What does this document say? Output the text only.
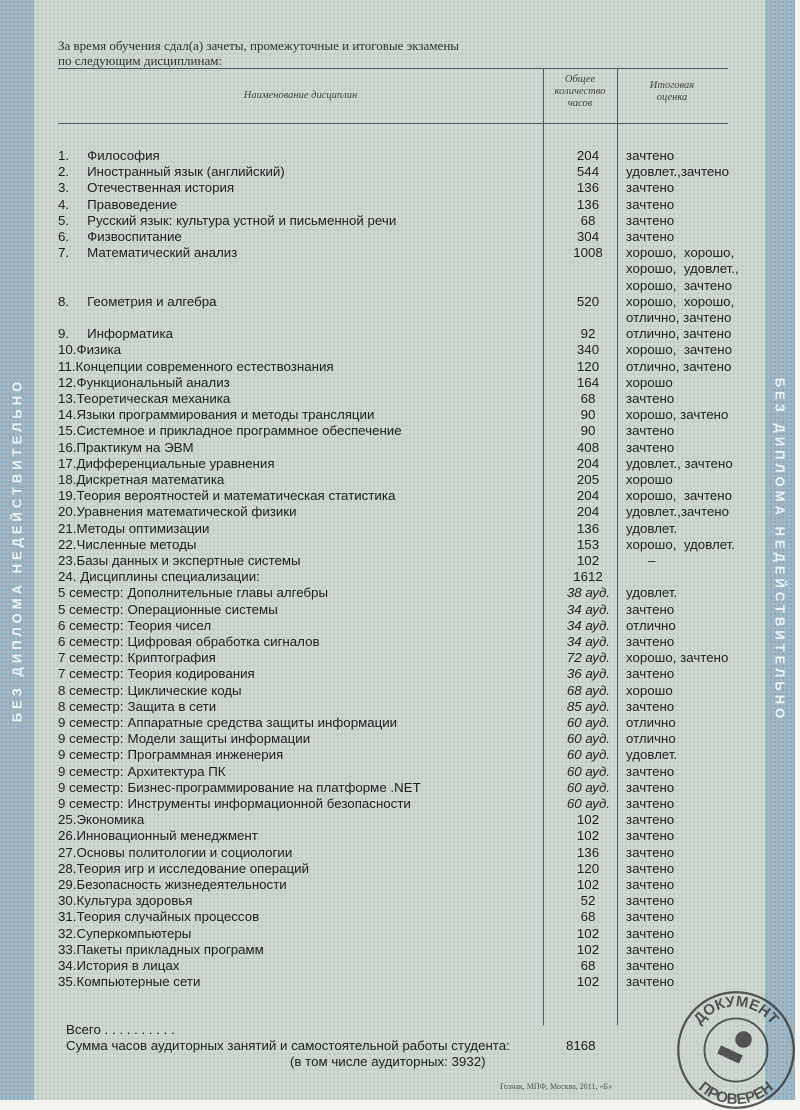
БЕЗ ДИПЛОМА НЕДЕЙСТВИТЕЛЬНО	БЕЗ ДИПЛОМА НЕДЕЙСТВИТЕЛЬНО
За время обучения сдал(а) зачеты, промежуточные и итоговые экзамены
по следующим дисциплинам:
Наименование дисциплин
Общее
количество
часов
Итоговая
оценка
1. Философия	204	зачтено
2. Иностранный язык (английский)	544	удовлет.,зачтено
3. Отечественная история	136	зачтено
4. Правоведение	136	зачтено
5. Русский язык: культура устной и письменной речи	68	зачтено
6. Физвоспитание	304	зачтено
7. Математический анализ	1008	хорошо,  хорошо,
хорошо,  удовлет.,
хорошо,  зачтено
8. Геометрия и алгебра	520	хорошо,  хорошо,
отлично, зачтено
9. Информатика	92	отлично, зачтено
10.Физика	340	хорошо,  зачтено
11.Концепции современного естествознания	120	отлично, зачтено
12.Функциональный анализ	164	хорошо
13.Теоретическая механика	68	зачтено
14.Языки программирования и методы трансляции	90	хорошо, зачтено
15.Системное и прикладное программное обеспечение	90	зачтено
16.Практикум на ЭВМ	408	зачтено
17.Дифференциальные уравнения	204	удовлет., зачтено
18.Дискретная математика	205	хорошо
19.Теория вероятностей и математическая статистика	204	хорошо,  зачтено
20.Уравнения математической физики	204	удовлет.,зачтено
21.Методы оптимизации	136	удовлет.
22.Численные методы	153	хорошо,  удовлет.
23.Базы данных и экспертные системы	102	–
24. Дисциплины специализации:	1612
5 семестр: Дополнительные главы алгебры	38 ауд. удовлет.
5 семестр: Операционные системы	34 ауд. зачтено
6 семестр: Теория чисел	34 ауд. отлично
6 семестр: Цифровая обработка сигналов	34 ауд. зачтено
7 семестр: Криптография	72 ауд. хорошо, зачтено
7 семестр: Теория кодирования	36 ауд. зачтено
8 семестр: Циклические коды	68 ауд. хорошо
8 семестр: Защита в сети	85 ауд. зачтено
9 семестр: Аппаратные средства защиты информации	60 ауд. отлично
9 семестр: Модели защиты информации	60 ауд. отлично
9 семестр: Программная инженерия	60 ауд. удовлет.
9 семестр: Архитектура ПК	60 ауд. зачтено
9 семестр: Бизнес-программирование на платформе .NET	60 ауд. зачтено
9 семестр: Инструменты информационной безопасности	60 ауд. зачтено
25.Экономика	102	зачтено
26.Инновационный менеджмент	102	зачтено
27.Основы политологии и социологии	136	зачтено
28.Теория игр и исследование операций	120	зачтено
29.Безопасность жизнедеятельности	102	зачтено
30.Культура здоровья	52	зачтено
31.Теория случайных процессов	68	зачтено
32.Суперкомпьютеры	102	зачтено
33.Пакеты прикладных программ	102	зачтено
34.История в лицах	68	зачтено
35.Компьютерные сети	102	зачтено
Всего . . . . . . . . . .
Сумма часов аудиторных занятий и самостоятельной работы студента:	8168
(в том числе аудиторных: 3932)
Гознак, МПФ, Москва, 2011, «Б»
ДОКУМЕНТ
ПРОВЕРЕН
